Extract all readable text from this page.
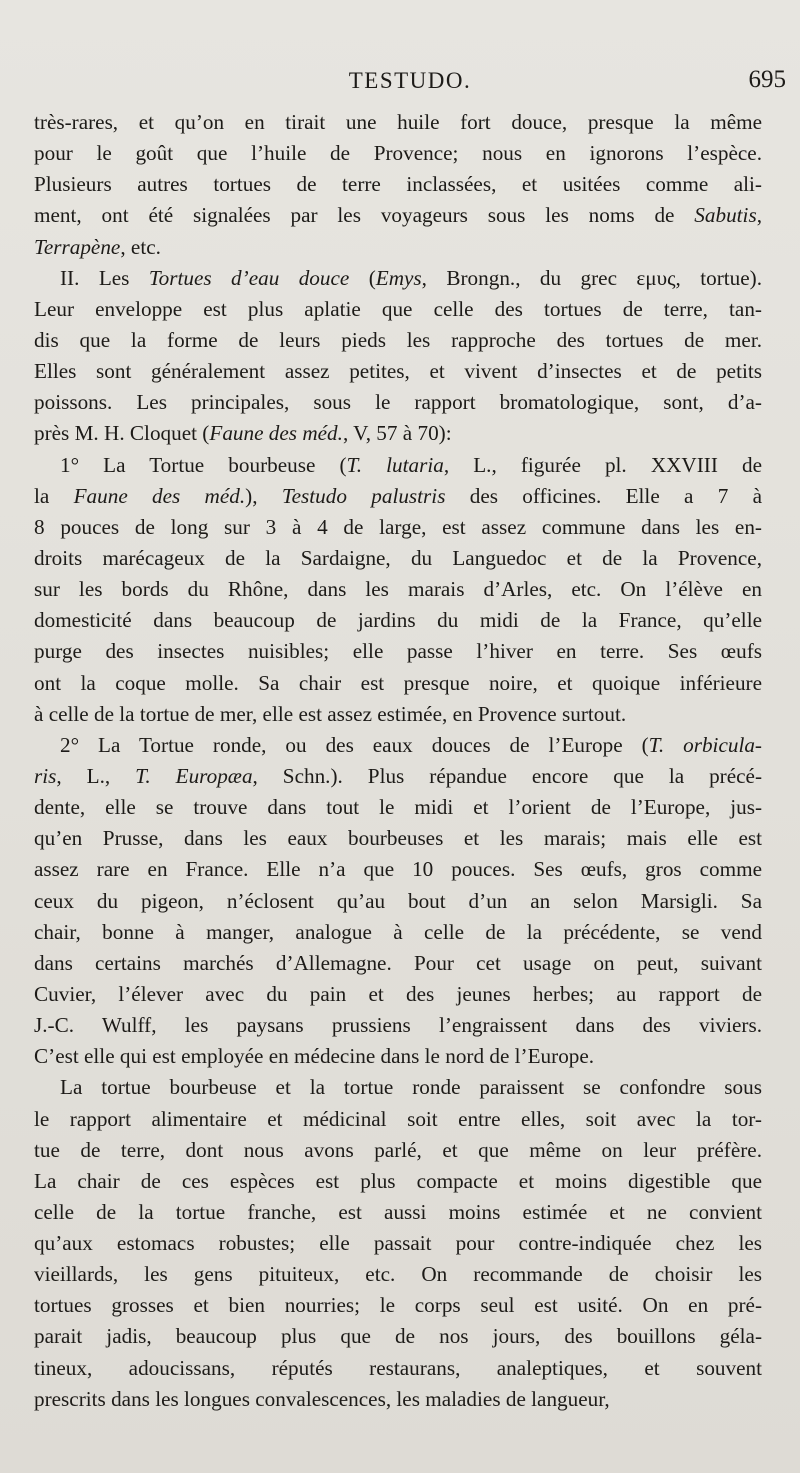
TESTUDO.	695
très-rares, et qu’on en tirait une huile fort douce, presque la même
pour le goût que l’huile de Provence; nous en ignorons l’espèce.
Plusieurs autres tortues de terre inclassées, et usitées comme ali-
ment, ont été signalées par les voyageurs sous les noms de Sabutis,
Terrapène, etc.
II. Les Tortues d’eau douce (Emys, Brongn., du grec εμυς, tortue).
Leur enveloppe est plus aplatie que celle des tortues de terre, tan-
dis que la forme de leurs pieds les rapproche des tortues de mer.
Elles sont généralement assez petites, et vivent d’insectes et de petits
poissons. Les principales, sous le rapport bromatologique, sont, d’a-
près M. H. Cloquet (Faune des méd., V, 57 à 70):
1° La Tortue bourbeuse (T. lutaria, L., figurée pl. XXVIII de
la Faune des méd.), Testudo palustris des officines. Elle a 7 à
8 pouces de long sur 3 à 4 de large, est assez commune dans les en-
droits marécageux de la Sardaigne, du Languedoc et de la Provence,
sur les bords du Rhône, dans les marais d’Arles, etc. On l’élève en
domesticité dans beaucoup de jardins du midi de la France, qu’elle
purge des insectes nuisibles; elle passe l’hiver en terre. Ses œufs
ont la coque molle. Sa chair est presque noire, et quoique inférieure
à celle de la tortue de mer, elle est assez estimée, en Provence surtout.
2° La Tortue ronde, ou des eaux douces de l’Europe (T. orbicula-
ris, L., T. Europæa, Schn.). Plus répandue encore que la précé-
dente, elle se trouve dans tout le midi et l’orient de l’Europe, jus-
qu’en Prusse, dans les eaux bourbeuses et les marais; mais elle est
assez rare en France. Elle n’a que 10 pouces. Ses œufs, gros comme
ceux du pigeon, n’éclosent qu’au bout d’un an selon Marsigli. Sa
chair, bonne à manger, analogue à celle de la précédente, se vend
dans certains marchés d’Allemagne. Pour cet usage on peut, suivant
Cuvier, l’élever avec du pain et des jeunes herbes; au rapport de
J.-C. Wulff, les paysans prussiens l’engraissent dans des viviers.
C’est elle qui est employée en médecine dans le nord de l’Europe.
La tortue bourbeuse et la tortue ronde paraissent se confondre sous
le rapport alimentaire et médicinal soit entre elles, soit avec la tor-
tue de terre, dont nous avons parlé, et que même on leur préfère.
La chair de ces espèces est plus compacte et moins digestible que
celle de la tortue franche, est aussi moins estimée et ne convient
qu’aux estomacs robustes; elle passait pour contre-indiquée chez les
vieillards, les gens pituiteux, etc. On recommande de choisir les
tortues grosses et bien nourries; le corps seul est usité. On en pré-
parait jadis, beaucoup plus que de nos jours, des bouillons géla-
tineux, adoucissans, réputés restaurans, analeptiques, et souvent
prescrits dans les longues convalescences, les maladies de langueur,
